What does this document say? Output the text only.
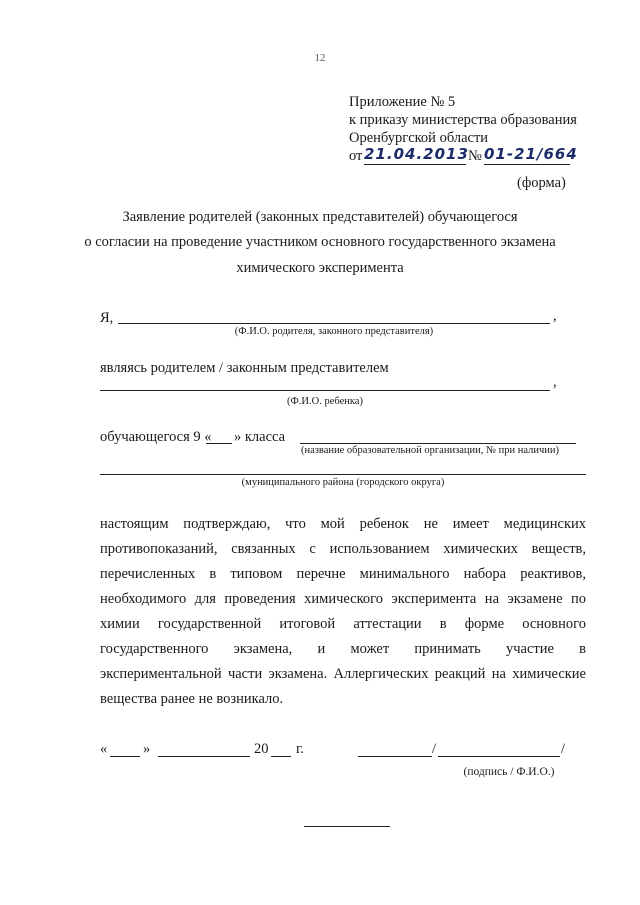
12
Приложение № 5
к приказу министерства образования
Оренбургской области
от 21.04.2013 № 01-21/664
(форма)
Заявление родителей (законных представителей) обучающегося
о согласии на проведение участником основного государственного экзамена
химического эксперимента
Я,	,
(Ф.И.О. родителя, законного представителя)
являясь родителем / законным представителем
,
(Ф.И.О. ребенка)
обучающегося 9 « » класса
(название образовательной организации, № при наличии)
(муниципального района (городского округа)
настоящим подтверждаю, что мой ребенок не имеет медицинских
противопоказаний, связанных с использованием химических веществ,
перечисленных в типовом перечне минимального набора реактивов,
необходимого для проведения химического эксперимента на экзамене по
химии государственной итоговой аттестации в форме основного
государственного экзамена, и может принимать участие в
экспериментальной части экзамена. Аллергических реакций на химические
вещества ранее не возникало.
« »	20 г.	/	/
(подпись / Ф.И.О.)
